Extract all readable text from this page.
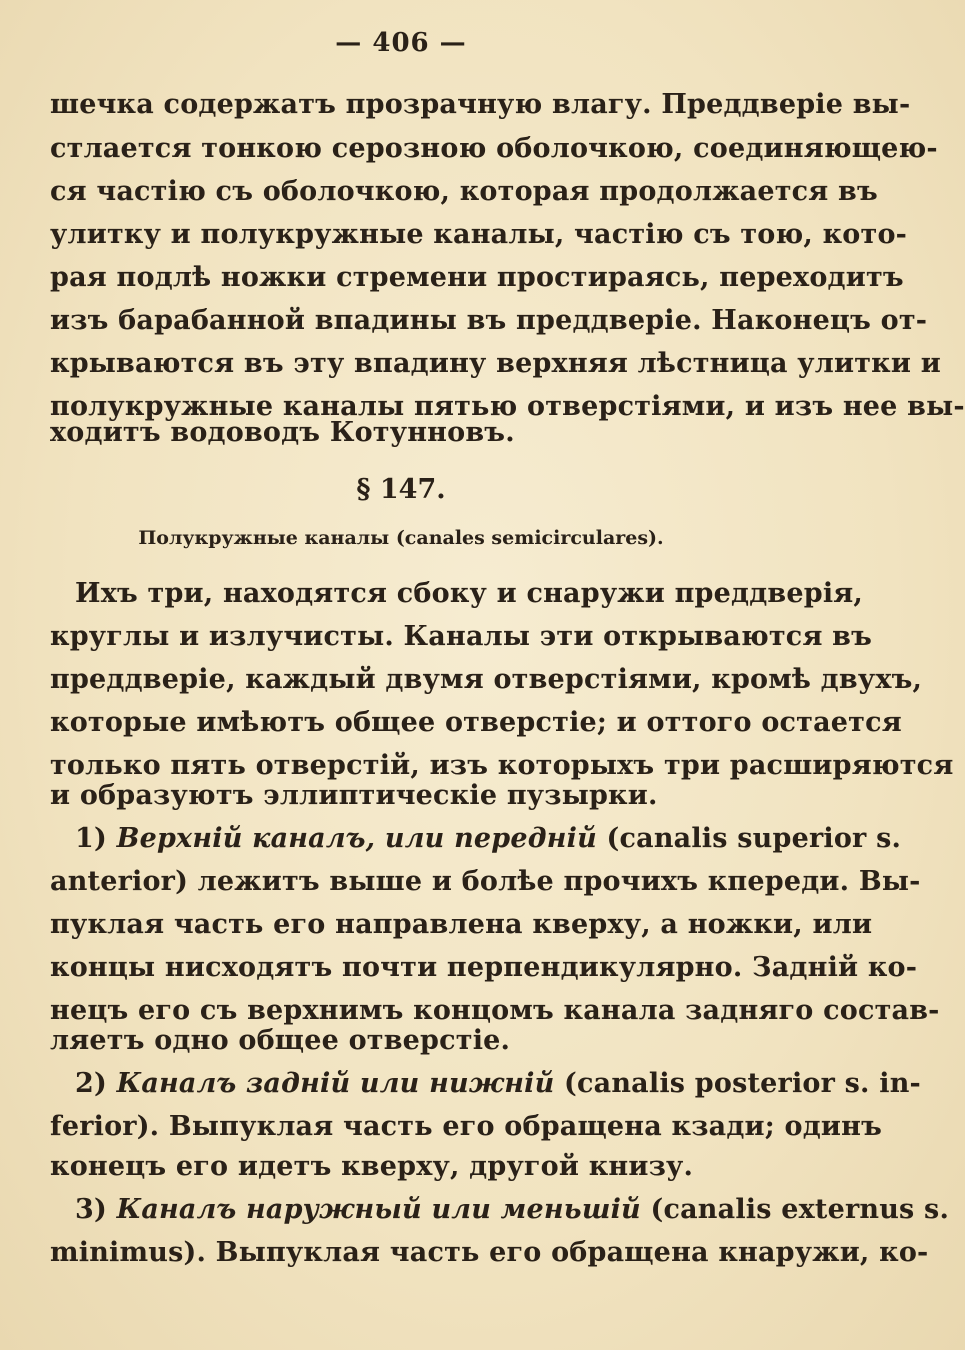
— 406 —
шечка содержатъ прозрачную влагу. Преддверіе вы-
стлается тонкою серозною оболочкою, соединяющею-
ся частію съ оболочкою, которая продолжается въ
улитку и полукружные каналы, частію съ тою, кото-
рая подлѣ ножки стремени простираясь, переходитъ
изъ барабанной впадины въ преддверіе. Наконецъ от-
крываются въ эту впадину верхняя лѣстница улитки и
полукружные каналы пятью отверстіями, и изъ нее вы-
ходитъ водоводъ Котунновъ.
§ 147.
Полукружные каналы (canales semicirculares).
Ихъ три, находятся сбоку и снаружи преддверія,
круглы и излучисты. Каналы эти открываются въ
преддверіе, каждый двумя отверстіями, кромѣ двухъ,
которые имѣютъ общее отверстіе; и оттого остается
только пять отверстій, изъ которыхъ три расширяются
и образуютъ эллиптическіе пузырки.
1) Верхній каналъ, или передній (canalis superior s.
anterior) лежитъ выше и болѣе прочихъ кпереди. Вы-
пуклая часть его направлена кверху, а ножки, или
концы нисходятъ почти перпендикулярно. Задній ко-
нецъ его съ верхнимъ концомъ канала задняго состав-
ляетъ одно общее отверстіе.
2) Каналъ задній или нижній (canalis posterior s. in-
ferior). Выпуклая часть его обращена кзади; одинъ
конецъ его идетъ кверху, другой книзу.
3) Каналъ наружный или меньшій (canalis externus s.
minimus). Выпуклая часть его обращена кнаружи, ко-
